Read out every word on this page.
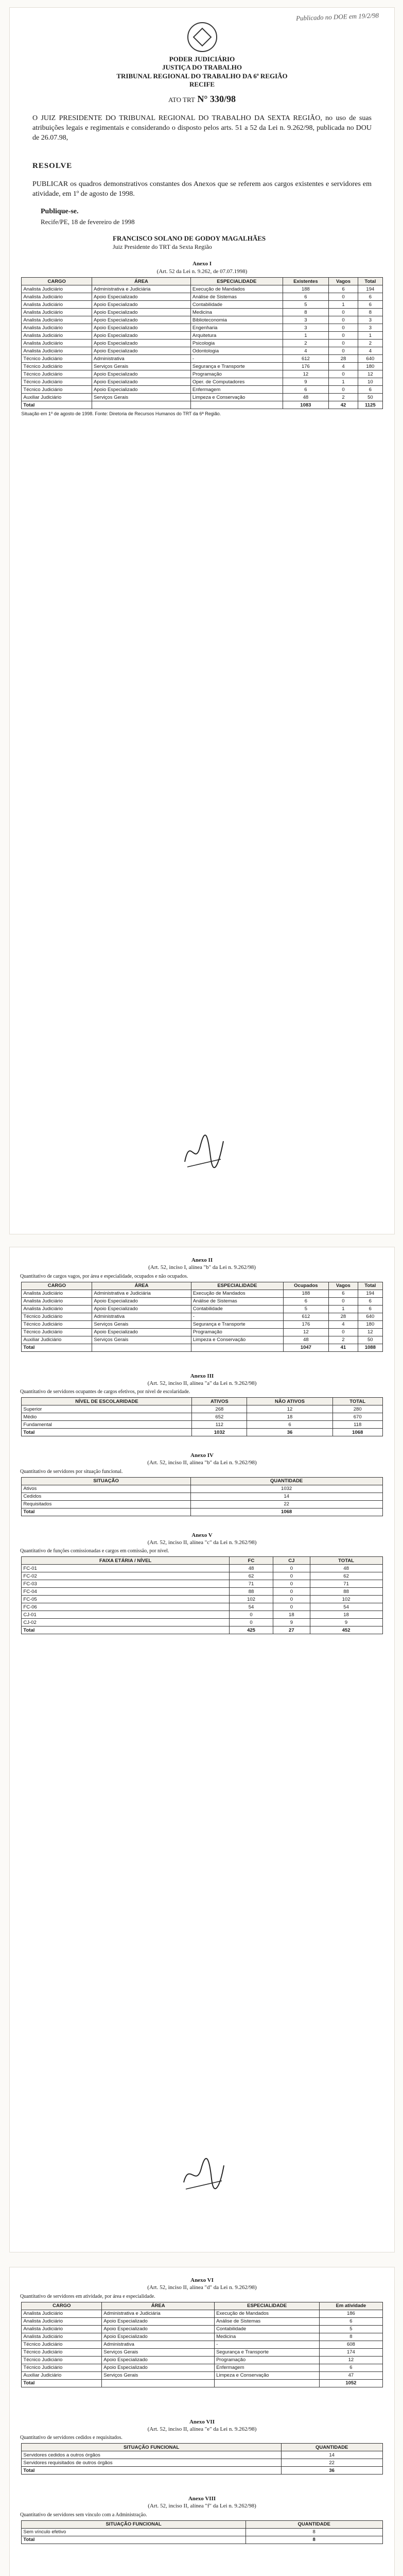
Publicado no DOE em 19/2/98
PODER JUDICIÁRIO
JUSTIÇA DO TRABALHO
TRIBUNAL REGIONAL DO TRABALHO DA 6ª REGIÃO
RECIFE
ATO TRT N° 330/98
O JUIZ PRESIDENTE DO TRIBUNAL REGIONAL DO TRABALHO DA SEXTA REGIÃO, no uso de suas atribuições legais e regimentais e considerando o disposto pelos arts. 51 a 52 da Lei n. 9.262/98, publicada no DOU de 26.07.98,
RESOLVE
PUBLICAR os quadros demonstrativos constantes dos Anexos que se referem aos cargos existentes e servidores em atividade, em 1º de agosto de 1998.
Publique-se.
Recife/PE, 18 de fevereiro de 1998
FRANCISCO SOLANO DE GODOY MAGALHÃES
Juiz Presidente do TRT da Sexta Região
Anexo I
(Art. 52 da Lei n. 9.262, de 07.07.1998)
CARGO	ÁREA	ESPECIALIDADE	Existentes	Vagos	Total
Analista Judiciário	Administrativa e Judiciária	Execução de Mandados	188	6	194
Analista Judiciário	Apoio Especializado	Análise de Sistemas	6	0	6
Analista Judiciário	Apoio Especializado	Contabilidade	5	1	6
Analista Judiciário	Apoio Especializado	Medicina	8	0	8
Analista Judiciário	Apoio Especializado	Biblioteconomia	3	0	3
Analista Judiciário	Apoio Especializado	Engenharia	3	0	3
Analista Judiciário	Apoio Especializado	Arquitetura	1	0	1
Analista Judiciário	Apoio Especializado	Psicologia	2	0	2
Analista Judiciário	Apoio Especializado	Odontologia	4	0	4
Técnico Judiciário	Administrativa	-	612	28	640
Técnico Judiciário	Serviços Gerais	Segurança e Transporte	176	4	180
Técnico Judiciário	Apoio Especializado	Programação	12	0	12
Técnico Judiciário	Apoio Especializado	Oper. de Computadores	9	1	10
Técnico Judiciário	Apoio Especializado	Enfermagem	6	0	6
Auxiliar Judiciário	Serviços Gerais	Limpeza e Conservação	48	2	50
Total			1083	42	1125
Situação em 1º de agosto de 1998. Fonte: Diretoria de Recursos Humanos do TRT da 6ª Região.
Anexo II
(Art. 52, inciso I, alínea "b" da Lei n. 9.262/98)
Quantitativo de cargos vagos, por área e especialidade, ocupados e não ocupados.
CARGO	ÁREA	ESPECIALIDADE	Ocupados	Vagos	Total
Analista Judiciário	Administrativa e Judiciária	Execução de Mandados	188	6	194
Analista Judiciário	Apoio Especializado	Análise de Sistemas	6	0	6
Analista Judiciário	Apoio Especializado	Contabilidade	5	1	6
Técnico Judiciário	Administrativa	-	612	28	640
Técnico Judiciário	Serviços Gerais	Segurança e Transporte	176	4	180
Técnico Judiciário	Apoio Especializado	Programação	12	0	12
Auxiliar Judiciário	Serviços Gerais	Limpeza e Conservação	48	2	50
Total			1047	41	1088
Anexo III
(Art. 52, inciso II, alínea "a" da Lei n. 9.262/98)
Quantitativo de servidores ocupantes de cargos efetivos, por nível de escolaridade.
NÍVEL DE ESCOLARIDADE	ATIVOS	NÃO ATIVOS	TOTAL
Superior	268	12	280
Médio	652	18	670
Fundamental	112	6	118
Total	1032	36	1068
Anexo IV
(Art. 52, inciso II, alínea "b" da Lei n. 9.262/98)
Quantitativo de servidores por situação funcional.
SITUAÇÃO	QUANTIDADE
Ativos	1032
Cedidos	14
Requisitados	22
Total	1068
Anexo V
(Art. 52, inciso II, alínea "c" da Lei n. 9.262/98)
Quantitativo de funções comissionadas e cargos em comissão, por nível.
FAIXA ETÁRIA / NÍVEL	FC	CJ	TOTAL
FC-01	48	0	48
FC-02	62	0	62
FC-03	71	0	71
FC-04	88	0	88
FC-05	102	0	102
FC-06	54	0	54
CJ-01	0	18	18
CJ-02	0	9	9
Total	425	27	452
Anexo VI
(Art. 52, inciso II, alínea "d" da Lei n. 9.262/98)
Quantitativo de servidores em atividade, por área e especialidade.
CARGO	ÁREA	ESPECIALIDADE	Em atividade
Analista Judiciário	Administrativa e Judiciária	Execução de Mandados	186
Analista Judiciário	Apoio Especializado	Análise de Sistemas	6
Analista Judiciário	Apoio Especializado	Contabilidade	5
Analista Judiciário	Apoio Especializado	Medicina	8
Técnico Judiciário	Administrativa	-	608
Técnico Judiciário	Serviços Gerais	Segurança e Transporte	174
Técnico Judiciário	Apoio Especializado	Programação	12
Técnico Judiciário	Apoio Especializado	Enfermagem	6
Auxiliar Judiciário	Serviços Gerais	Limpeza e Conservação	47
Total			1052
Anexo VII
(Art. 52, inciso II, alínea "e" da Lei n. 9.262/98)
Quantitativo de servidores cedidos e requisitados.
SITUAÇÃO FUNCIONAL	QUANTIDADE
Servidores cedidos a outros órgãos	14
Servidores requisitados de outros órgãos	22
Total	36
Anexo VIII
(Art. 52, inciso II, alínea "f" da Lei n. 9.262/98)
Quantitativo de servidores sem vínculo com a Administração.
SITUAÇÃO FUNCIONAL	QUANTIDADE
Sem vínculo efetivo	8
Total	8
